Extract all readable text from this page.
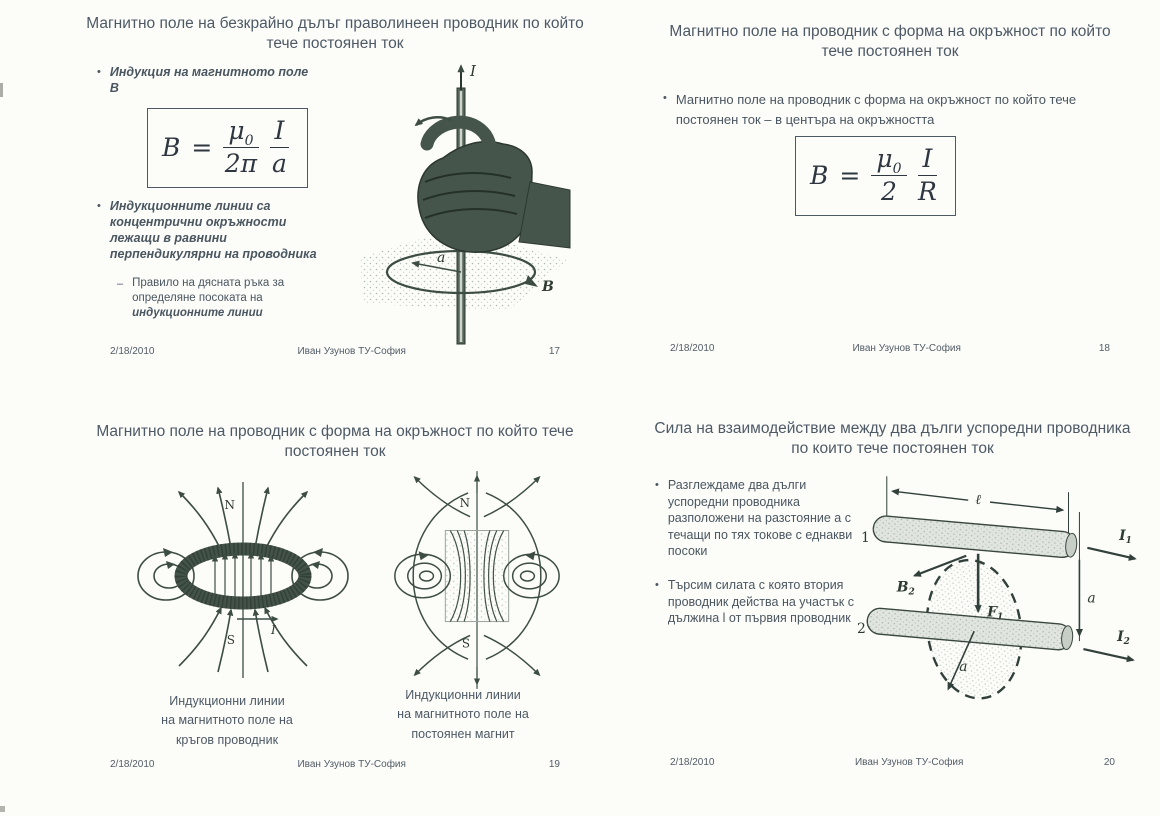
Магнитно поле на безкрайно дълъг праволинеен проводник по който тече постоянен ток
• Индукция на магнитното поле
B
$B = \frac{\mu_0}{2\pi} \frac{I}{a}$
• Индукционните линии са концентрични окръжности лежащи в равнини перпендикулярни на проводника
– Правило на дясната ръка за определяне посоката на индукционните линии
a
B
I
2/18/2010	Иван Узунов ТУ-София	17
Магнитно поле на проводник с форма на окръжност по който тече постоянен ток
• Магнитно поле на проводник с форма на окръжност по който тече постоянен ток – в центъра на окръжността
$B = \frac{\mu_0}{2} \frac{I}{R}$
2/18/2010	Иван Узунов ТУ-София	18
Магнитно поле на проводник с форма на окръжност по който тече постоянен ток
N
S
I
N
S
Индукционни линии
на магнитното поле на
кръгов проводник
Индукционни линии
на магнитното поле на
постоянен магнит
2/18/2010	Иван Узунов ТУ-София	19
Сила на взаимодействие между два дълги успоредни проводника по които тече постоянен ток
• Разглеждаме два дълги успоредни проводника разположени на разстояние а с течащи по тях токове с еднакви посоки
• Търсим силата с която втория проводник действа на участък с дължина l от първия проводник
ℓ
a
1
2
$I_1$
$I_2$
$B_2$
$F_1$
a
2/18/2010	Иван Узунов ТУ-София	20
